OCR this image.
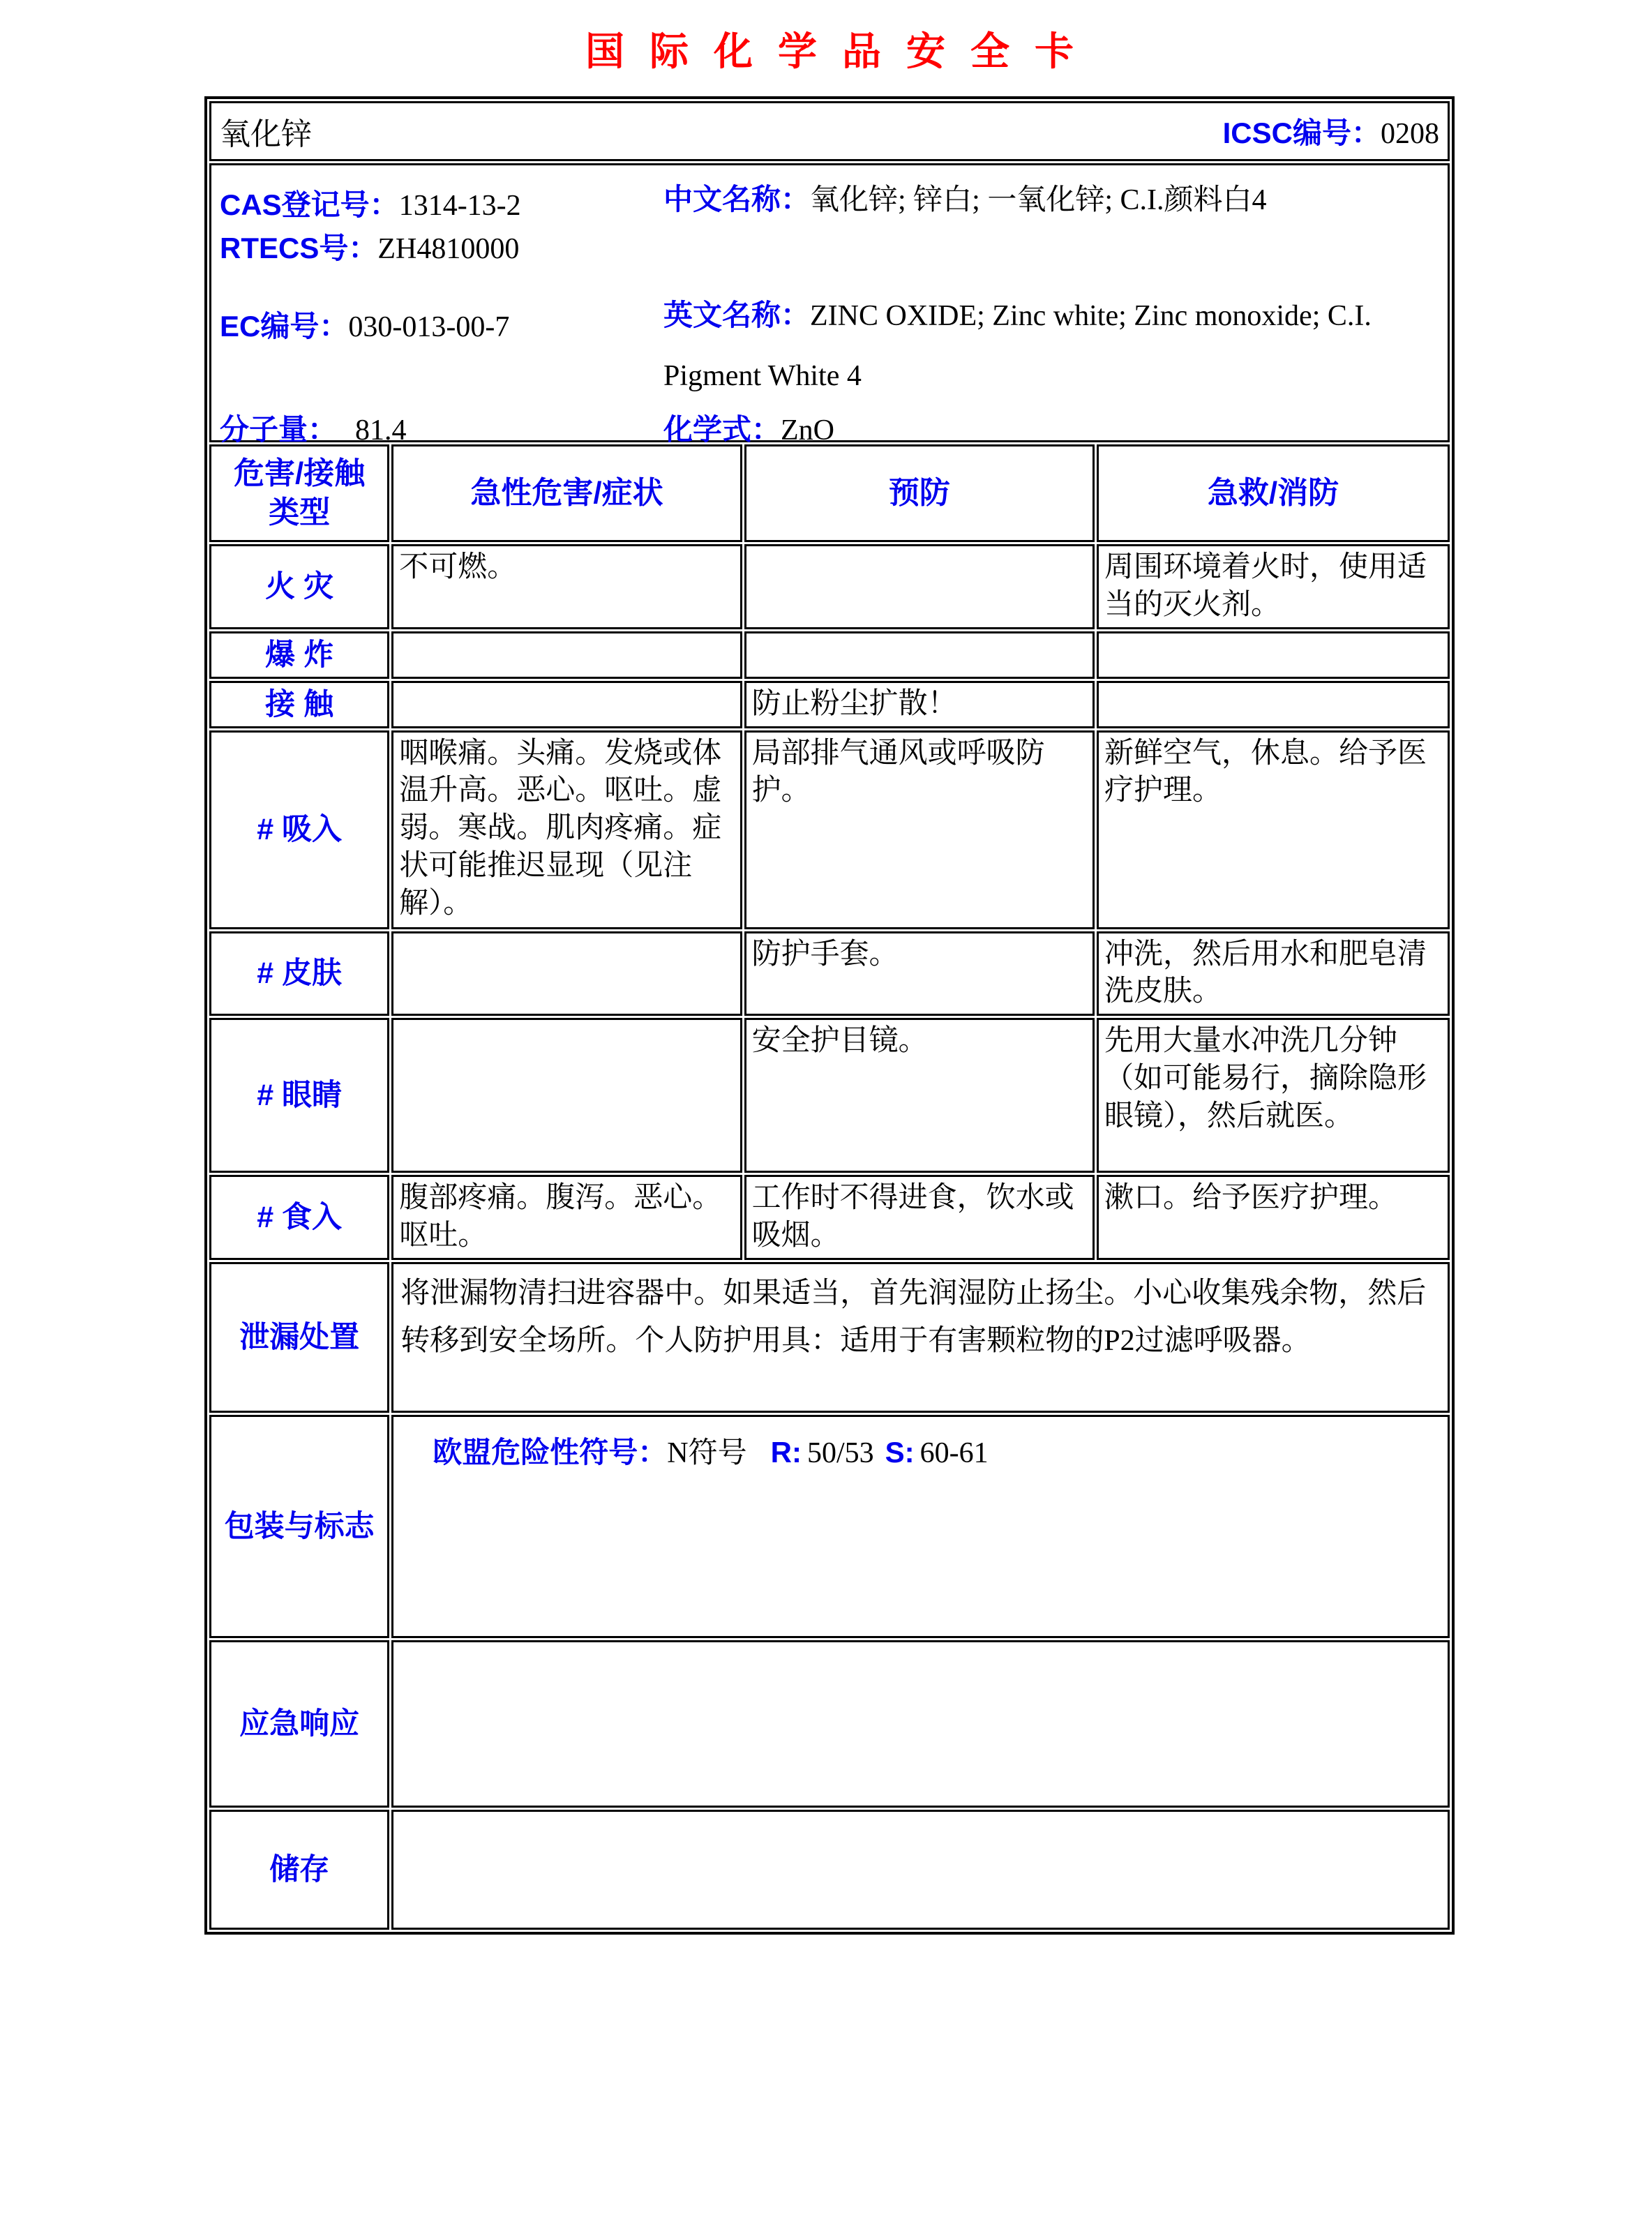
国际化学品安全卡
氧化锌	ICSC编号：0208
CAS登记号：1314-13-2
RTECS号：ZH4810000
EC编号：030-013-00-7
中文名称：氧化锌; 锌白; 一氧化锌; C.I.颜料白4
英文名称：ZINC OXIDE; Zinc white; Zinc monoxide; C.I. Pigment White 4
分子量： 81.4	化学式：ZnO
危害/接触
类型	急性危害/症状	预防	急救/消防
火 灾	不可燃。		周围环境着火时，使用适当的灭火剂。
爆 炸			
接 触		防止粉尘扩散！	
# 吸入	咽喉痛。头痛。发烧或体温升高。恶心。呕吐。虚弱。寒战。肌肉疼痛。症状可能推迟显现（见注解）。	局部排气通风或呼吸防护。	新鲜空气，休息。给予医疗护理。
# 皮肤		防护手套。	冲洗，然后用水和肥皂清洗皮肤。
# 眼睛		安全护目镜。	先用大量水冲洗几分钟（如可能易行，摘除隐形眼镜），然后就医。
# 食入	腹部疼痛。腹泻。恶心。呕吐。	工作时不得进食，饮水或吸烟。	漱口。给予医疗护理。
泄漏处置	将泄漏物清扫进容器中。如果适当，首先润湿防止扬尘。小心收集残余物，然后转移到安全场所。个人防护用具：适用于有害颗粒物的P2过滤呼吸器。		
包装与标志	欧盟危险性符号：N符号 R: 50/53 S: 60-61		
应急响应			
储存			
